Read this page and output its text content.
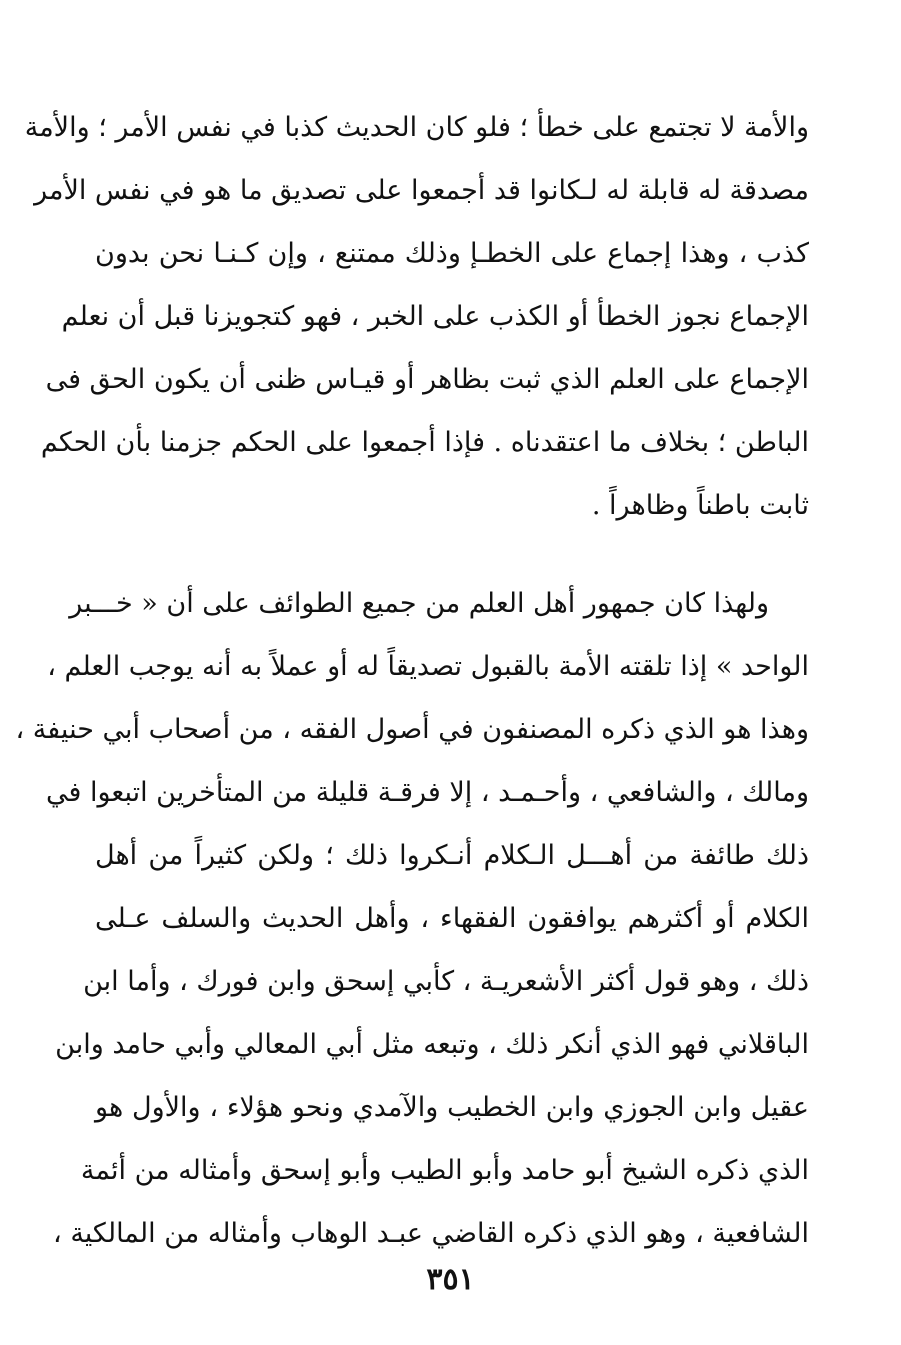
والأمة لا تجتمع على خطأ ؛ فلو كان الحديث كذبا في نفس الأمر ؛ والأمة
مصدقة له قابلة له لـكانوا قد أجمعوا على تصديق ما هو في نفس الأمر
كذب ، وهذا إجماع على الخطـإ وذلك ممتنع ، وإن كـنـا نحن بدون
الإجماع نجوز الخطأ أو الكذب على الخبر ، فهو كتجويزنا قبل أن نعلم
الإجماع على العلم الذي ثبت بظاهر أو قيـاس ظنى أن يكون الحق فى
الباطن ؛ بخلاف ما اعتقدناه . فإذا أجمعوا على الحكم جزمنا بأن الحكم
ثابت باطناً وظاهراً .
ولهذا كان جمهور أهل العلم من جميع الطوائف على أن « خـــبر
الواحد » إذا تلقته الأمة بالقبول تصديقاً له أو عملاً به أنه يوجب العلم ،
وهذا هو الذي ذكره المصنفون في أصول الفقه ، من أصحاب أبي حنيفة ،
ومالك ، والشافعي ، وأحـمـد ، إلا فرقـة قليلة من المتأخرين اتبعوا في
ذلك طائفة من أهـــل الـكلام أنـكروا ذلك ؛ ولكن كثيراً من أهل
الكلام أو أكثرهم يوافقون الفقهاء ، وأهل الحديث والسلف عـلى
ذلك ، وهو قول أكثر الأشعريـة ، كأبي إسحق وابن فورك ، وأما ابن
الباقلاني فهو الذي أنكر ذلك ، وتبعه مثل أبي المعالي وأبي حامد وابن
عقيل وابن الجوزي وابن الخطيب والآمدي ونحو هؤلاء ، والأول هو
الذي ذكره الشيخ أبو حامد وأبو الطيب وأبو إسحق وأمثاله من أئمة
الشافعية ، وهو الذي ذكره القاضي عبـد الوهاب وأمثاله من المالكية ،
٣٥١
